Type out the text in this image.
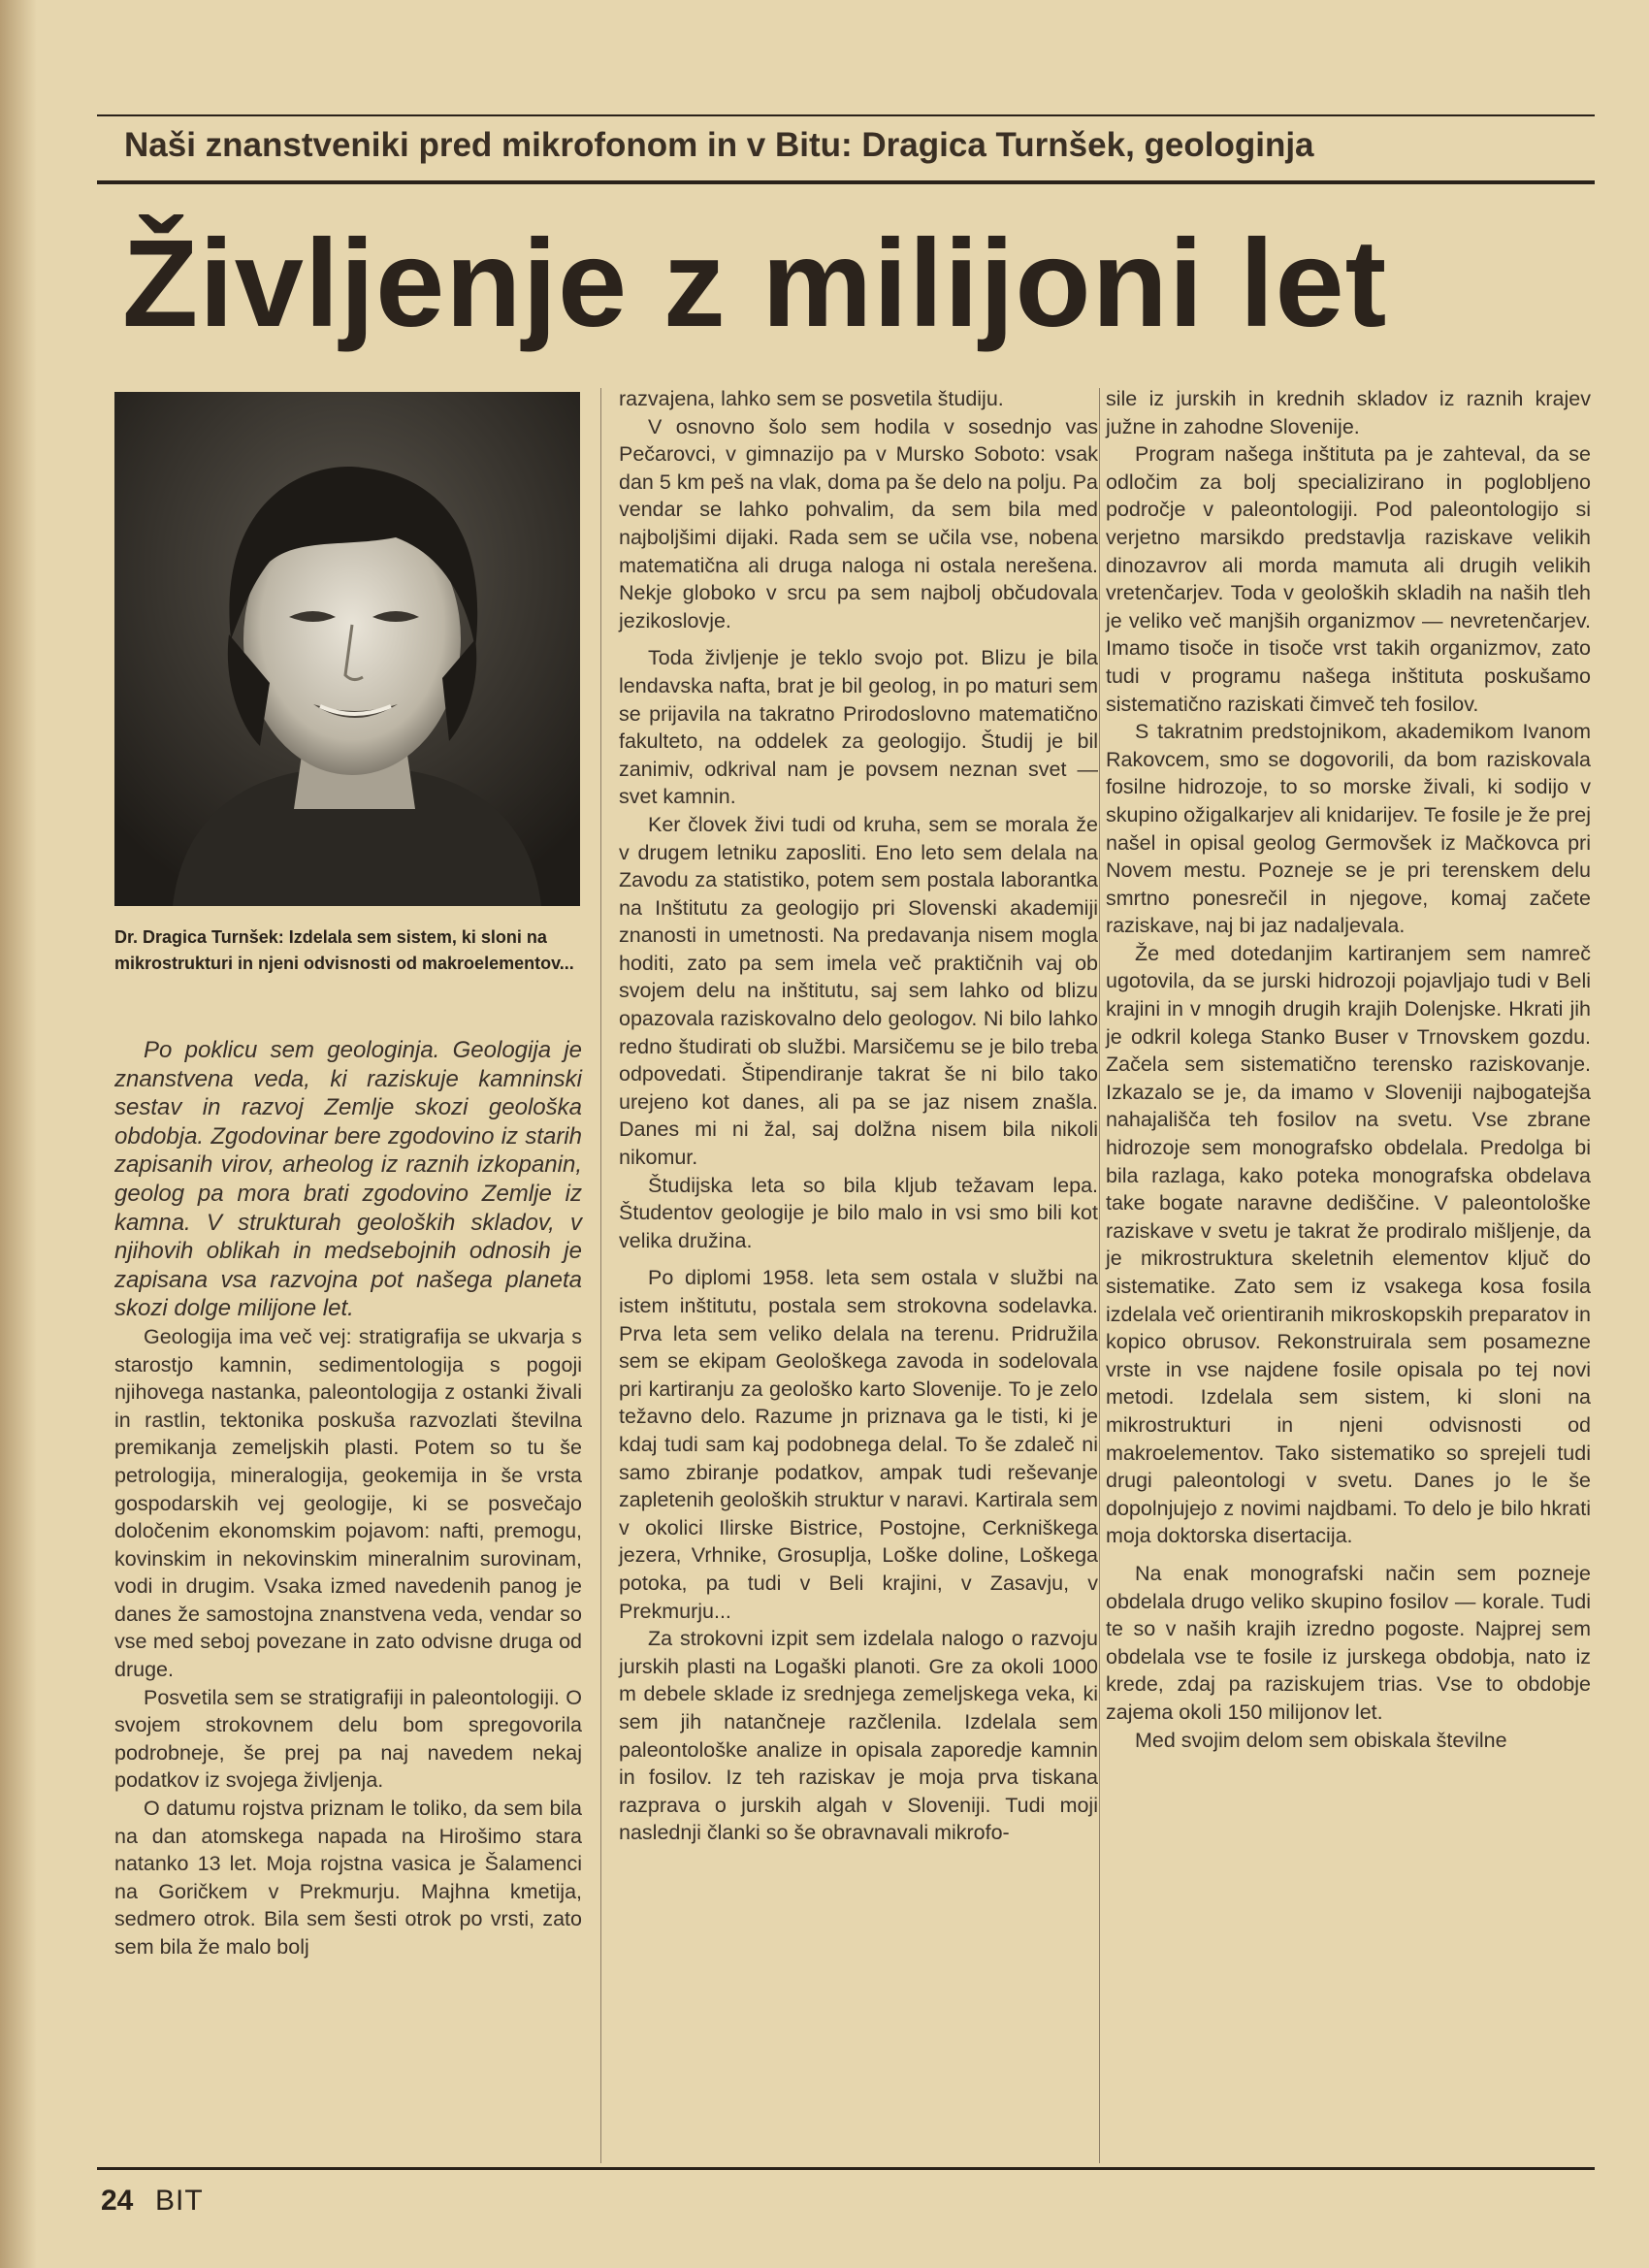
Naši znanstveniki pred mikrofonom in v Bitu: Dragica Turnšek, geologinja
Življenje z milijoni let
Dr. Dragica Turnšek: Izdelala sem sistem, ki sloni na mikrostrukturi in njeni odvisnosti od makroelementov...

Po poklicu sem geologinja. Geologija je znanstvena veda, ki raziskuje kamninski sestav in razvoj Zemlje skozi geološka obdobja. Zgodovinar bere zgodovino iz starih zapisanih virov, arheolog iz raznih izkopanin, geolog pa mora brati zgodovino Zemlje iz kamna. V strukturah geoloških skladov, v njihovih oblikah in medsebojnih odnosih je zapisana vsa razvojna pot našega planeta skozi dolge milijone let.

Geologija ima več vej: stratigrafija se ukvarja s starostjo kamnin, sedimentologija s pogoji njihovega nastanka, paleontologija z ostanki živali in rastlin, tektonika poskuša razvozlati številna premikanja zemeljskih plasti. Potem so tu še petrologija, mineralogija, geokemija in še vrsta gospodarskih vej geologije, ki se posvečajo določenim ekonomskim pojavom: nafti, premogu, kovinskim in nekovinskim mineralnim surovinam, vodi in drugim. Vsaka izmed navedenih panog je danes že samostojna znanstvena veda, vendar so vse med seboj povezane in zato odvisne druga od druge.

Posvetila sem se stratigrafiji in paleontologiji. O svojem strokovnem delu bom spregovorila podrobneje, še prej pa naj navedem nekaj podatkov iz svojega življenja.

O datumu rojstva priznam le toliko, da sem bila na dan atomskega napada na Hirošimo stara natanko 13 let. Moja rojstna vasica je Šalamenci na Goričkem v Prekmurju. Majhna kmetija, sedmero otrok. Bila sem šesti otrok po vrsti, zato sem bila že malo bolj

razvajena, lahko sem se posvetila študiju.

V osnovno šolo sem hodila v sosednjo vas Pečarovci, v gimnazijo pa v Mursko Soboto: vsak dan 5 km peš na vlak, doma pa še delo na polju. Pa vendar se lahko pohvalim, da sem bila med najboljšimi dijaki. Rada sem se učila vse, nobena matematična ali druga naloga ni ostala nerešena. Nekje globoko v srcu pa sem najbolj občudovala jezikoslovje.

Toda življenje je teklo svojo pot. Blizu je bila lendavska nafta, brat je bil geolog, in po maturi sem se prijavila na takratno Prirodoslovno matematično fakulteto, na oddelek za geologijo. Študij je bil zanimiv, odkrival nam je povsem neznan svet — svet kamnin.

Ker človek živi tudi od kruha, sem se morala že v drugem letniku zaposliti. Eno leto sem delala na Zavodu za statistiko, potem sem postala laborantka na Inštitutu za geologijo pri Slovenski akademiji znanosti in umetnosti. Na predavanja nisem mogla hoditi, zato pa sem imela več praktičnih vaj ob svojem delu na inštitutu, saj sem lahko od blizu opazovala raziskovalno delo geologov. Ni bilo lahko redno študirati ob službi. Marsičemu se je bilo treba odpovedati. Štipendiranje takrat še ni bilo tako urejeno kot danes, ali pa se jaz nisem znašla. Danes mi ni žal, saj dolžna nisem bila nikoli nikomur.

Študijska leta so bila kljub težavam lepa. Študentov geologije je bilo malo in vsi smo bili kot velika družina.

Po diplomi 1958. leta sem ostala v službi na istem inštitutu, postala sem strokovna sodelavka. Prva leta sem veliko delala na terenu. Pridružila sem se ekipam Geološkega zavoda in sodelovala pri kartiranju za geološko karto Slovenije. To je zelo težavno delo. Razume jn priznava ga le tisti, ki je kdaj tudi sam kaj podobnega delal. To še zdaleč ni samo zbiranje podatkov, ampak tudi reševanje zapletenih geoloških struktur v naravi. Kartirala sem v okolici Ilirske Bistrice, Postojne, Cerkniškega jezera, Vrhnike, Grosuplja, Loške doline, Loškega potoka, pa tudi v Beli krajini, v Zasavju, v Prekmurju...

Za strokovni izpit sem izdelala nalogo o razvoju jurskih plasti na Logaški planoti. Gre za okoli 1000 m debele sklade iz srednjega zemeljskega veka, ki sem jih natančneje razčlenila. Izdelala sem paleontološke analize in opisala zaporedje kamnin in fosilov. Iz teh raziskav je moja prva tiskana razprava o jurskih algah v Sloveniji. Tudi moji naslednji članki so še obravnavali mikrofo-

sile iz jurskih in krednih skladov iz raznih krajev južne in zahodne Slovenije.

Program našega inštituta pa je zahteval, da se odločim za bolj specializirano in poglobljeno področje v paleontologiji. Pod paleontologijo si verjetno marsikdo predstavlja raziskave velikih dinozavrov ali morda mamuta ali drugih velikih vretenčarjev. Toda v geoloških skladih na naših tleh je veliko več manjših organizmov — nevretenčarjev. Imamo tisoče in tisoče vrst takih organizmov, zato tudi v programu našega inštituta poskušamo sistematično raziskati čimveč teh fosilov.

S takratnim predstojnikom, akademikom Ivanom Rakovcem, smo se dogovorili, da bom raziskovala fosilne hidrozoje, to so morske živali, ki sodijo v skupino ožigalkarjev ali knidarijev. Te fosile je že prej našel in opisal geolog Germovšek iz Mačkovca pri Novem mestu. Pozneje se je pri terenskem delu smrtno ponesrečil in njegove, komaj začete raziskave, naj bi jaz nadaljevala.

Že med dotedanjim kartiranjem sem namreč ugotovila, da se jurski hidrozoji pojavljajo tudi v Beli krajini in v mnogih drugih krajih Dolenjske. Hkrati jih je odkril kolega Stanko Buser v Trnovskem gozdu. Začela sem sistematično terensko raziskovanje. Izkazalo se je, da imamo v Sloveniji najbogatejša nahajališča teh fosilov na svetu. Vse zbrane hidrozoje sem monografsko obdelala. Predolga bi bila razlaga, kako poteka monografska obdelava take bogate naravne dediščine. V paleontološke raziskave v svetu je takrat že prodiralo mišljenje, da je mikrostruktura skeletnih elementov ključ do sistematike. Zato sem iz vsakega kosa fosila izdelala več orientiranih mikroskopskih preparatov in kopico obrusov. Rekonstruirala sem posamezne vrste in vse najdene fosile opisala po tej novi metodi. Izdelala sem sistem, ki sloni na mikrostrukturi in njeni odvisnosti od makroelementov. Tako sistematiko so sprejeli tudi drugi paleontologi v svetu. Danes jo le še dopolnjujejo z novimi najdbami. To delo je bilo hkrati moja doktorska disertacija.

Na enak monografski način sem pozneje obdelala drugo veliko skupino fosilov — korale. Tudi te so v naših krajih izredno pogoste. Najprej sem obdelala vse te fosile iz jurskega obdobja, nato iz krede, zdaj pa raziskujem trias. Vse to obdobje zajema okoli 150 milijonov let.

Med svojim delom sem obiskala številne

24 BIT
